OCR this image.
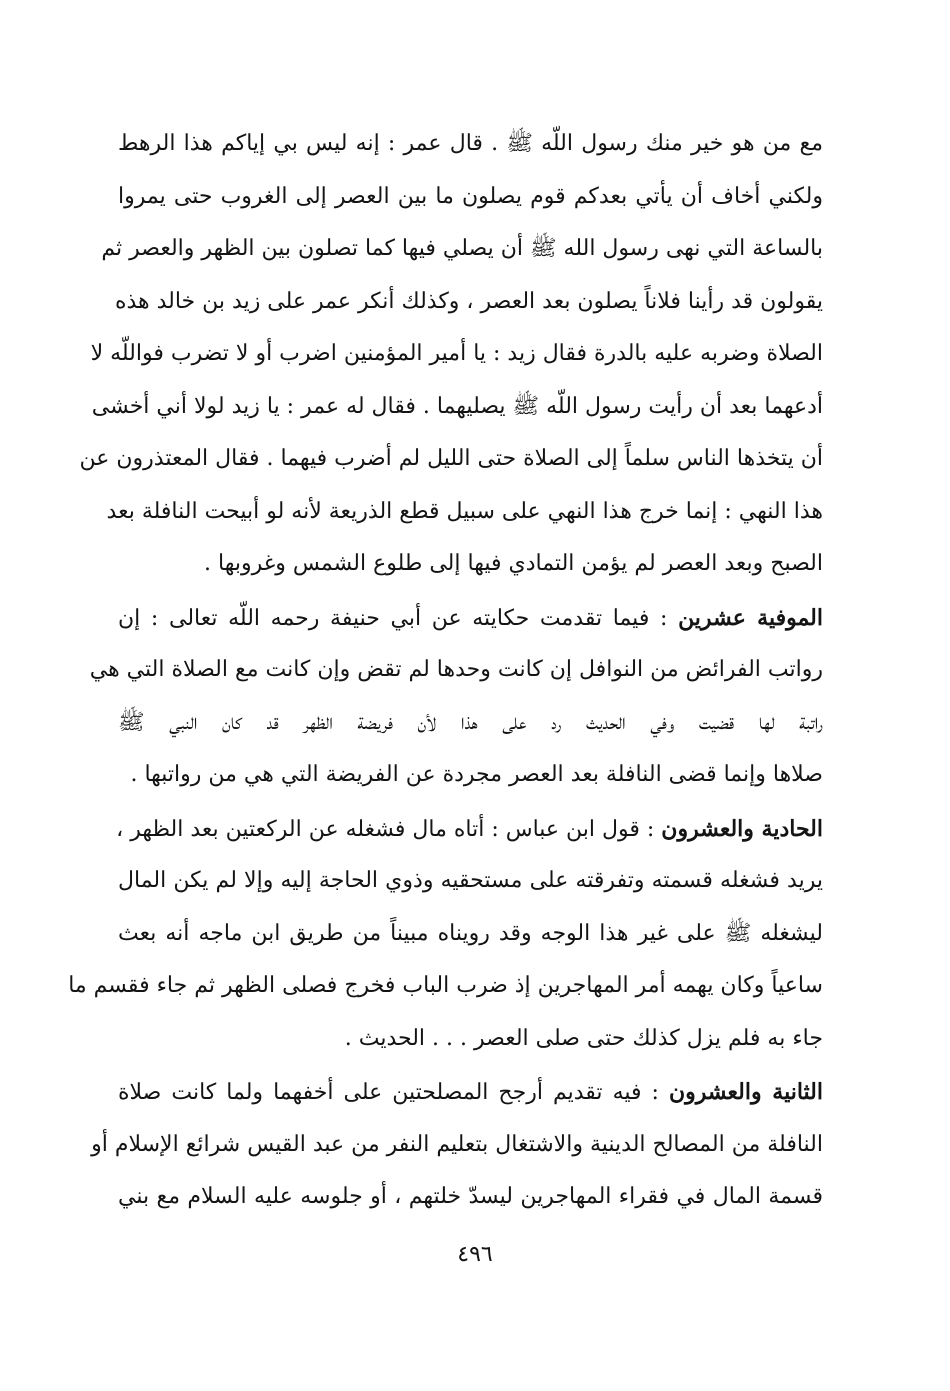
مع من هو خير منك رسول اللّه ﷺ . قال عمر : إنه ليس بي إياكم هذا الرهط
ولكني أخاف أن يأتي بعدكم قوم يصلون ما بين العصر إلى الغروب حتى يمروا
بالساعة التي نهى رسول الله ﷺ أن يصلي فيها كما تصلون بين الظهر والعصر ثم
يقولون قد رأينا فلاناً يصلون بعد العصر ، وكذلك أنكر عمر على زيد بن خالد هذه
الصلاة وضربه عليه بالدرة فقال زيد : يا أمير المؤمنين اضرب أو لا تضرب فواللّه لا
أدعهما بعد أن رأيت رسول اللّه ﷺ يصليهما . فقال له عمر : يا زيد لولا أني أخشى
أن يتخذها الناس سلماً إلى الصلاة حتى الليل لم أضرب فيهما . فقال المعتذرون عن
هذا النهي : إنما خرج هذا النهي على سبيل قطع الذريعة لأنه لو أبيحت النافلة بعد
الصبح وبعد العصر لم يؤمن التمادي فيها إلى طلوع الشمس وغروبها .
الموفية عشرين : فيما تقدمت حكايته عن أبي حنيفة رحمه اللّه تعالى : إن
رواتب الفرائض من النوافل إن كانت وحدها لم تقض وإن كانت مع الصلاة التي هي
راتبة لها قضيت وفي الحديث رد على هذا لأن فريضة الظهر قد كان النبي ﷺ
صلاها وإنما قضى النافلة بعد العصر مجردة عن الفريضة التي هي من رواتبها .
الحادية والعشرون : قول ابن عباس : أتاه مال فشغله عن الركعتين بعد الظهر ،
يريد فشغله قسمته وتفرقته على مستحقيه وذوي الحاجة إليه وإلا لم يكن المال
ليشغله ﷺ على غير هذا الوجه وقد رويناه مبيناً من طريق ابن ماجه أنه بعث
ساعياً وكان يهمه أمر المهاجرين إذ ضرب الباب فخرج فصلى الظهر ثم جاء فقسم ما
جاء به فلم يزل كذلك حتى صلى العصر . . . الحديث .
الثانية والعشرون : فيه تقديم أرجح المصلحتين على أخفهما ولما كانت صلاة
النافلة من المصالح الدينية والاشتغال بتعليم النفر من عبد القيس شرائع الإسلام أو
قسمة المال في فقراء المهاجرين ليسدّ خلتهم ، أو جلوسه عليه السلام مع بني
٤٩٦
